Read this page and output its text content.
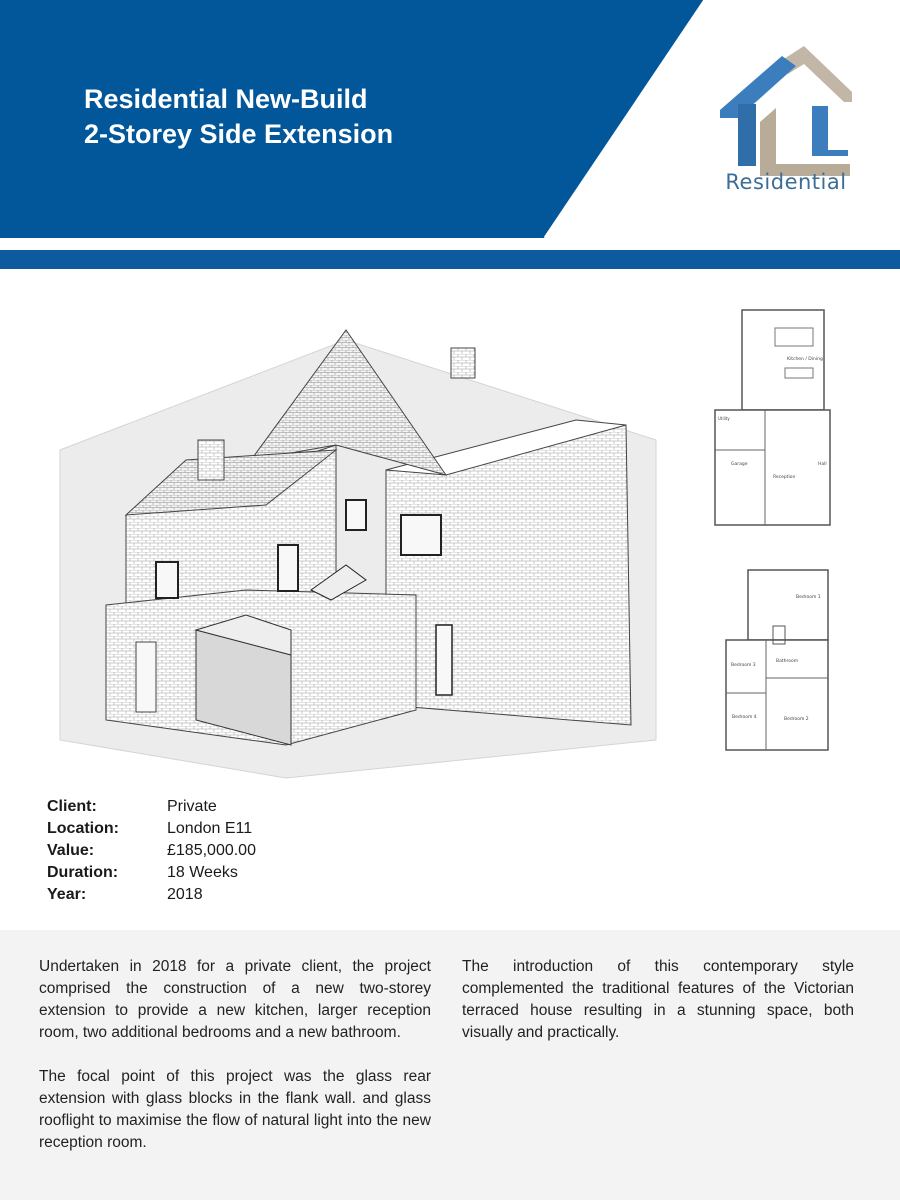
Residential New-Build
2-Storey Side Extension
Residential
Kitchen / Dining
Utility
Garage
Reception
Hall
Bedroom 1
Bedroom 3
Bathroom
Bedroom 4	Bedroom 2
Client:	Private
Location:	London E11
Value:	£185,000.00
Duration:	18 Weeks
Year:	2018

Undertaken in 2018 for a private client, the project comprised the construction of a new two-storey extension to provide a new kitchen, larger reception room, two additional bedrooms and a new bathroom.

The focal point of this project was the glass rear extension with glass blocks in the flank wall. and glass rooflight to maximise the flow of natural light into the new reception room.

The introduction of this contemporary style complemented the traditional features of the Victorian terraced house resulting in a stunning space, both visually and practically.
